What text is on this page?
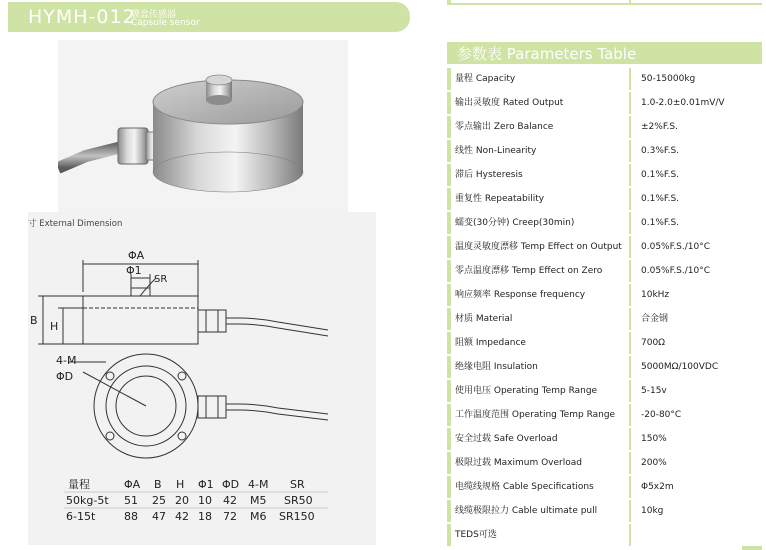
HYMH-012
膜盒传感器
Capsule sensor
寸 External Dimension
ΦA
Φ1
SR
B H
4-M
ΦD
量程	ΦA B H Φ1 ΦD 4-M SR
50kg-5t 51 25 20 10 42 M5 SR50
6-15t	88 47 42 18 72 M6 SR150
参数表 Parameters Table
量程 Capacity	50-15000kg
输出灵敏度 Rated Output	1.0-2.0±0.01mV/V
零点输出 Zero Balance	±2%F.S.
线性 Non-Linearity	0.3%F.S.
滞后 Hysteresis	0.1%F.S.
重复性 Repeatability	0.1%F.S.
蠕变(30分钟) Creep(30min)	0.1%F.S.
温度灵敏度漂移 Temp Effect on Output	0.05%F.S./10°C
零点温度漂移 Temp Effect on Zero	0.05%F.S./10°C
响应频率 Response frequency	10kHz
材质 Material	合金钢
阻额 Impedance	700Ω
绝缘电阻 Insulation	5000MΩ/100VDC
使用电压 Operating Temp Range	5-15v
工作温度范围 Operating Temp Range	-20-80°C
安全过载 Safe Overload	150%
极限过载 Maximum Overload	200%
电缆线规格 Cable Specifications	Φ5x2m
线缆极限拉力 Cable ultimate pull	10kg
TEDS可选
